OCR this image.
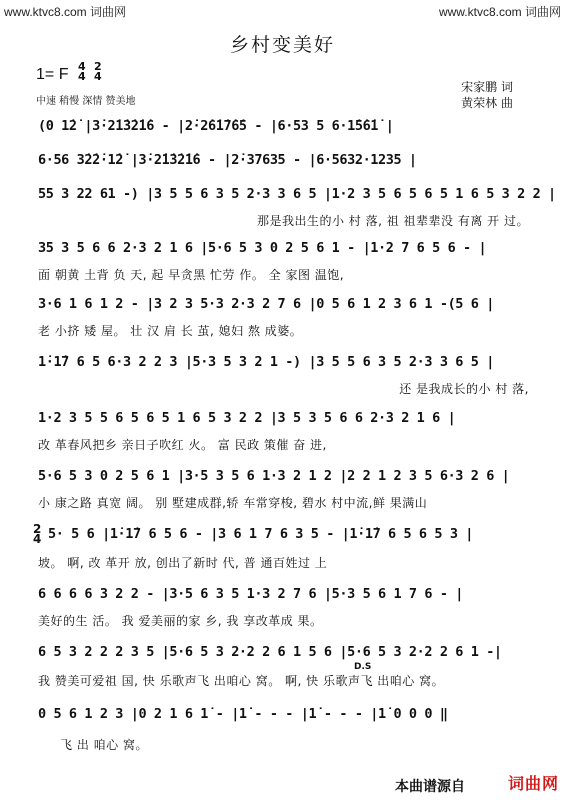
www.ktvc8.com 词曲网	www.ktvc8.com 词曲网
乡村变美好
1= F 4
4
2
4
中速 稍慢 深情 赞美地
宋家鹏 词
黄荣林 曲
(0 1̇2̇ |3̇·2̇1̇3̇2̇1̇6 - |2̇·2̇6̇1̇7̇6̇5 - |6·53 5 6·1̇5̇6̇1̇ |
6·56 3̇2̇2̇·1̇2̇ |3̇·2̇1̇3̇2̇1̇6 - |2̇·37635 - |6·5632·1235 |
55 3 22 61 -) |3 5 5 6 3 5 2·3 3 6 5 |1·2 3 5 6 5 6 5 1 6 5 3 2 2 |
那是我出生的小 村 落, 祖 祖辈辈没 有离 开 过。
35 3 5 6 6 2·3 2 1 6 |5·6 5 3 0 2 5 6 1 - |1·2 7 6 5 6 - |
面 朝黄 土背 负 天, 起 早贪黑 忙劳 作。 全 家图 温饱,
3·6 1 6 1 2 - |3 2 3 5·3 2·3 2 7 6 |0 5 6 1 2 3 6 1 -(5 6 |
老 小挤 矮 屋。 壮 汉 肩 长 茧, 媳妇 熬 成婆。
1̇·1̇7 6 5 6·3 2 2 3 |5·3 5 3 2 1 -) |3 5 5 6 3 5 2·3 3 6 5 |
还 是我成长的小 村 落,
1·2 3 5 5 6 5 6 5 1 6 5 3 2 2 |3 5 3 5 6 6 2·3 2 1 6 |
改 革春风把乡 亲日子吹红 火。 富 民政 策催 奋 进,
5·6 5 3 0 2 5 6 1 |3·5 3 5 6 1·3 2 1 2 |2 2 1 2 3 5 6·3 2 6 |
小 康之路 真宽 阔。 别 墅建成群,轿 车常穿梭, 碧水 村中流,鲜 果满山
2
4 5· 5 6 |1̇·1̇7 6 5 6 - |3 6 1 7 6 3 5 - |1̇·1̇7 6 5 6 5 3 |
坡。 啊, 改 革开 放, 创出了新时 代, 普 通百姓过 上
6 6 6 6 3 2 2 - |3·5 6 3 5 1·3 2 7 6 |5·3 5 6 1 7 6 - |
美好的生 活。 我 爱美丽的家 乡, 我 享改革成 果。
6 5 3 2 2 2 3 5 |5·6 5 3 2·2 2 6 1 5 6 |5·6 5 3 2·2 2 6 1 -|
D.S
我 赞美可爱祖 国, 快 乐歌声飞 出咱心 窝。 啊, 快 乐歌声飞 出咱心 窝。
0 5 6 1 2 3 |0 2 1 6 1̇ - |1̇ - - - |1̇ - - - |1̇ 0 0 0 ‖
飞 出 咱心 窝。
本曲谱源自	词曲网
